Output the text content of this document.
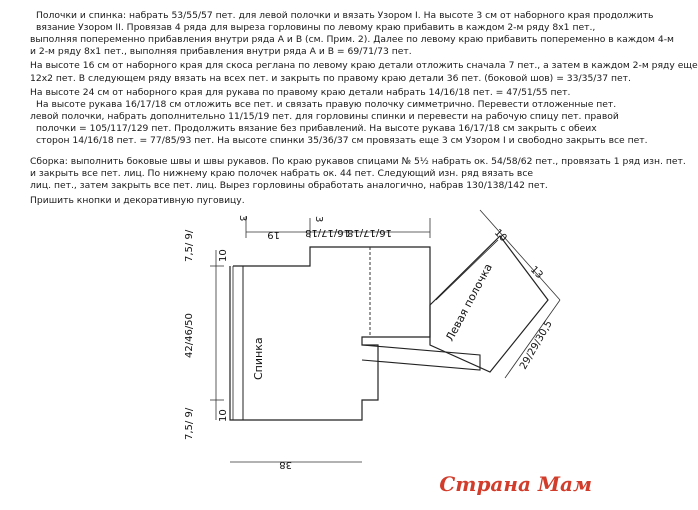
Полочки и спинка: набрать 53/55/57 пет. для левой полочки и вязать Узором I. На высоте 3 см от наборного края продолжить
вязание Узором II. Провязав 4 ряда для выреза горловины по левому краю прибавить в каждом 2-м ряду 8х1 пет.,
выполняя попеременно прибавления внутри ряда A и B (см. Прим. 2). Далее по левому краю прибавить попеременно в каждом 4-м
и 2-м ряду 8х1 пет., выполняя прибавления внутри ряда A и B = 69/71/73 пет.
На высоте 16 см от наборного края для скоса реглана по левому краю детали отложить сначала 7 пет., а затем в каждом 2-м ряду еще
12х2 пет. В следующем ряду вязать на всех пет. и закрыть по правому краю детали 36 пет. (боковой шов) = 33/35/37 пет.
На высоте 24 см от наборного края для рукава по правому краю детали набрать 14/16/18 пет. = 47/51/55 пет.
На высоте рукава 16/17/18 см отложить все пет. и связать правую полочку симметрично. Перевести отложенные пет.
левой полочки, набрать дополнительно 11/15/19 пет. для горловины спинки и перевести на рабочую спицу пет. правой
полочки = 105/117/129 пет. Продолжить вязание без прибавлений. На высоте рукава 16/17/18 см закрыть с обеих
сторон 14/16/18 пет. = 77/85/93 пет. На высоте спинки 35/36/37 см провязать еще 3 см Узором I и свободно закрыть все пет.
Сборка: выполнить боковые швы и швы рукавов. По краю рукавов спицами № 5½ набрать ок. 54/58/62 пет., провязать 1 ряд изн. пет.
и закрыть все пет. лиц. По нижнему краю полочек набрать ок. 44 пет. Следующий изн. ряд вязать все
лиц. пет., затем закрыть все пет. лиц. Вырез горловины обработать аналогично, набрав 130/138/142 пет.
Пришить кнопки и декоративную пуговицу.
3
19
3
16/17/18
16/17/18	10
13
29/29/30,5
7,5/ 9/ 10
42/46/50
7,5/ 9/ 10
38
Спинка
Левая полочка
Страна Мам
